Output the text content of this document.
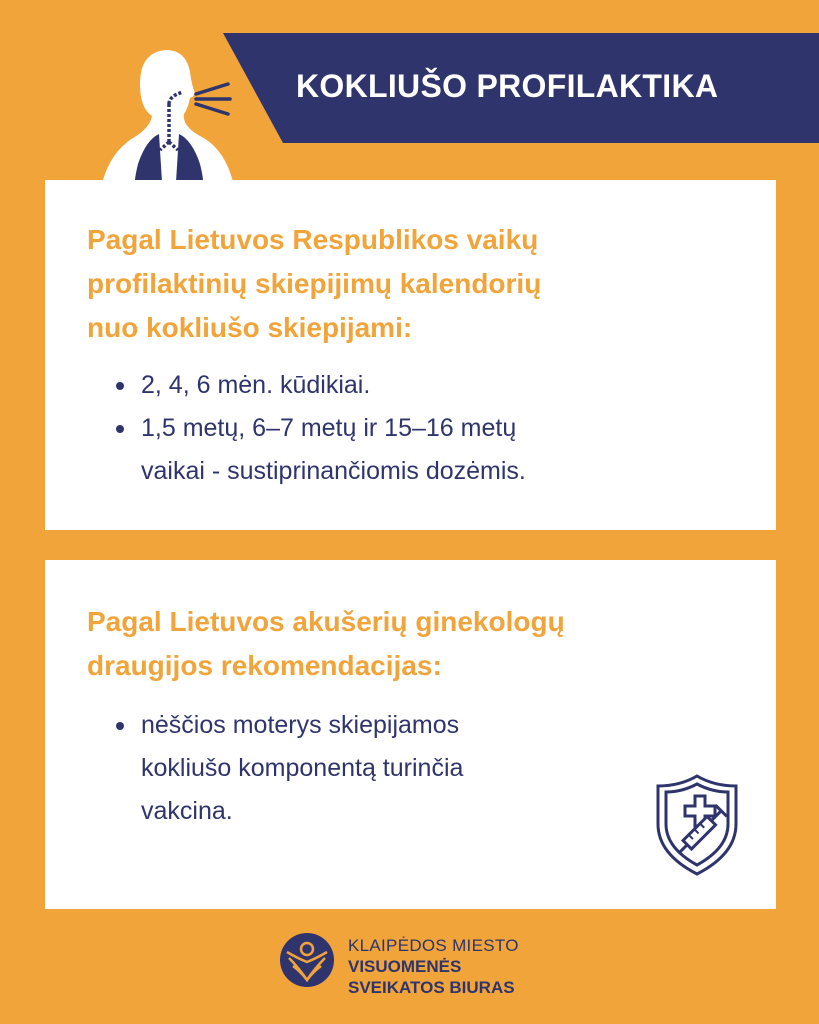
KOKLIUŠO PROFILAKTIKA
Pagal Lietuvos Respublikos vaikų
profilaktinių skiepijimų kalendorių
nuo kokliušo skiepijami:
2, 4, 6 mėn. kūdikiai.
1,5 metų, 6–7 metų ir 15–16 metų
vaikai - sustiprinančiomis dozėmis.
Pagal Lietuvos akušerių ginekologų
draugijos rekomendacijas:
nėščios moterys skiepijamos
kokliušo komponentą turinčia
vakcina.
KLAIPĖDOS MIESTO
VISUOMENĖS
SVEIKATOS BIURAS
